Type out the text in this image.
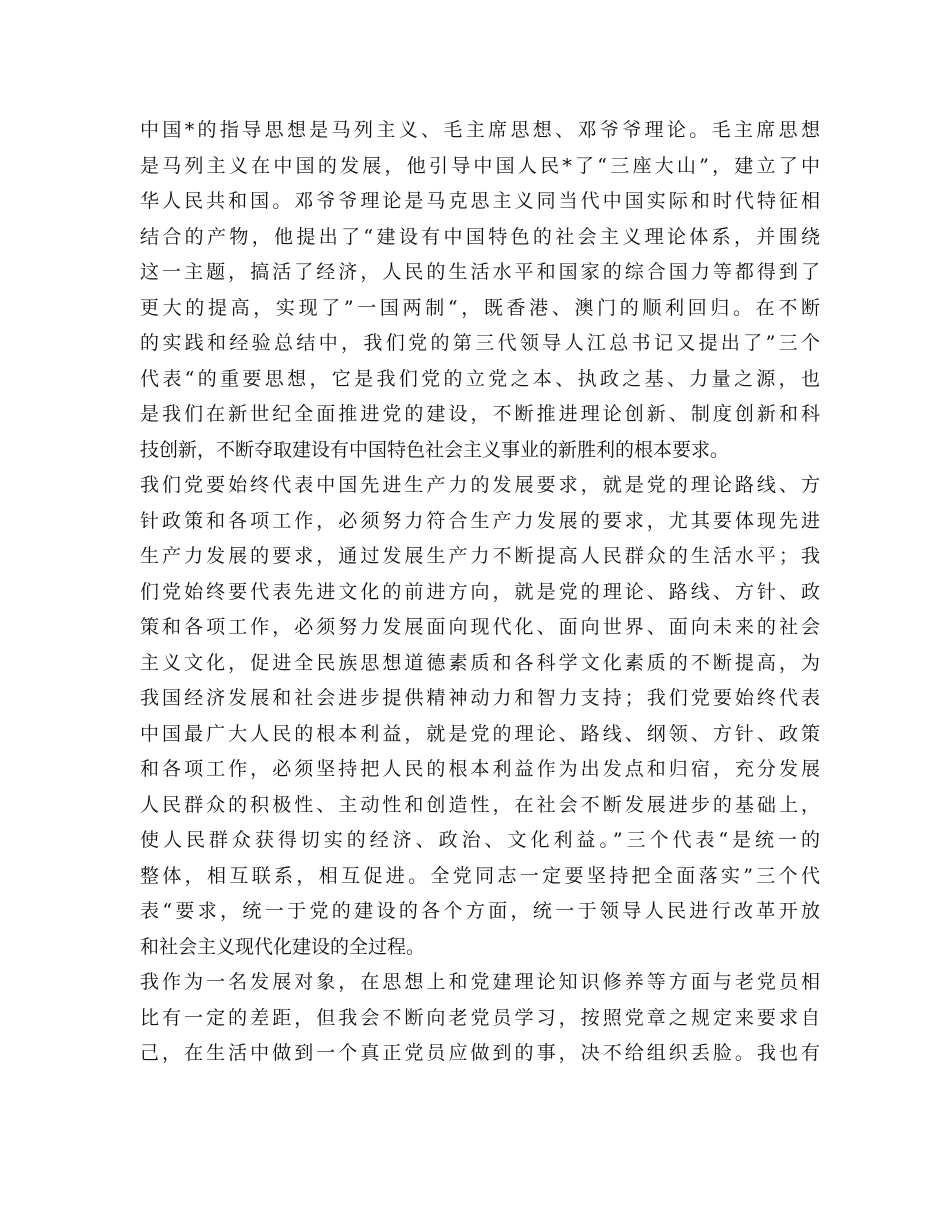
中国*的指导思想是马列主义、毛主席思想、邓爷爷理论。毛主席思想
是马列主义在中国的发展，他引导中国人民*了“三座大山”，建立了中
华人民共和国。邓爷爷理论是马克思主义同当代中国实际和时代特征相
结合的产物，他提出了“建设有中国特色的社会主义理论体系，并围绕
这一主题，搞活了经济，人民的生活水平和国家的综合国力等都得到了
更大的提高，实现了”一国两制“，既香港、澳门的顺利回归。在不断
的实践和经验总结中，我们党的第三代领导人江总书记又提出了”三个
代表“的重要思想，它是我们党的立党之本、执政之基、力量之源，也
是我们在新世纪全面推进党的建设，不断推进理论创新、制度创新和科
技创新，不断夺取建设有中国特色社会主义事业的新胜利的根本要求。
我们党要始终代表中国先进生产力的发展要求，就是党的理论路线、方
针政策和各项工作，必须努力符合生产力发展的要求，尤其要体现先进
生产力发展的要求，通过发展生产力不断提高人民群众的生活水平；我
们党始终要代表先进文化的前进方向，就是党的理论、路线、方针、政
策和各项工作，必须努力发展面向现代化、面向世界、面向未来的社会
主义文化，促进全民族思想道德素质和各科学文化素质的不断提高，为
我国经济发展和社会进步提供精神动力和智力支持；我们党要始终代表
中国最广大人民的根本利益，就是党的理论、路线、纲领、方针、政策
和各项工作，必须坚持把人民的根本利益作为出发点和归宿，充分发展
人民群众的积极性、主动性和创造性，在社会不断发展进步的基础上，
使人民群众获得切实的经济、政治、文化利益。”三个代表“是统一的
整体，相互联系，相互促进。全党同志一定要坚持把全面落实”三个代
表“要求，统一于党的建设的各个方面，统一于领导人民进行改革开放
和社会主义现代化建设的全过程。
我作为一名发展对象，在思想上和党建理论知识修养等方面与老党员相
比有一定的差距，但我会不断向老党员学习，按照党章之规定来要求自
己，在生活中做到一个真正党员应做到的事，决不给组织丢脸。我也有
